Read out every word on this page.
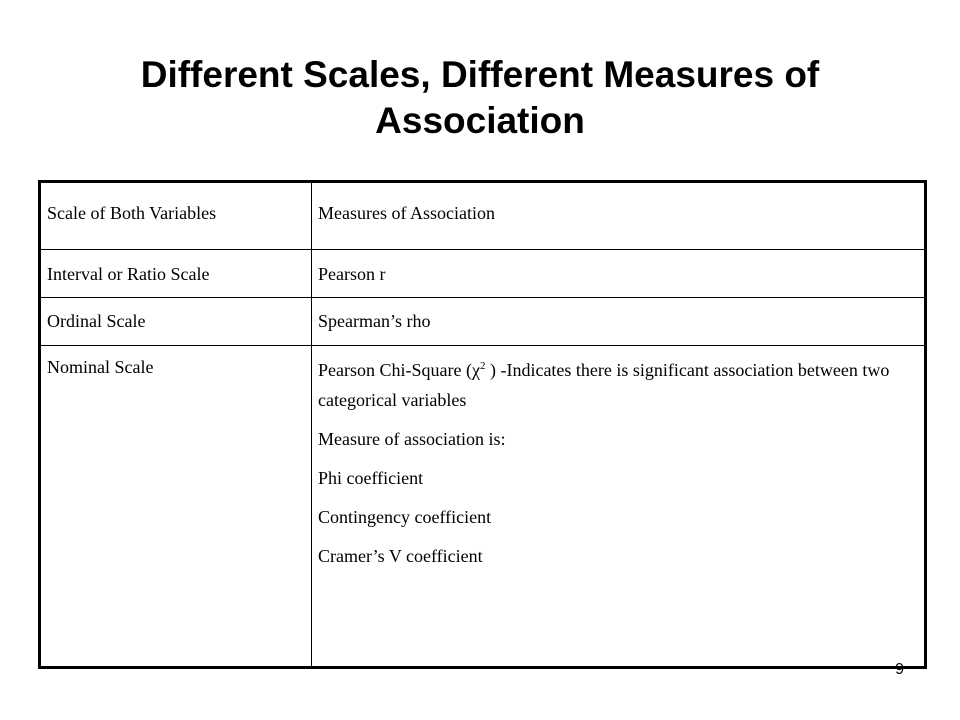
Different Scales, Different Measures of
Association
Scale of Both Variables	Measures of Association
Interval or Ratio Scale	Pearson r
Ordinal Scale	Spearman’s rho
Nominal Scale	Pearson Chi-Square ($\chi^2$ ) -Indicates there is significant association between two categorical variables
Measure of association is:
Phi coefficient
Contingency coefficient
Cramer’s V coefficient
9
